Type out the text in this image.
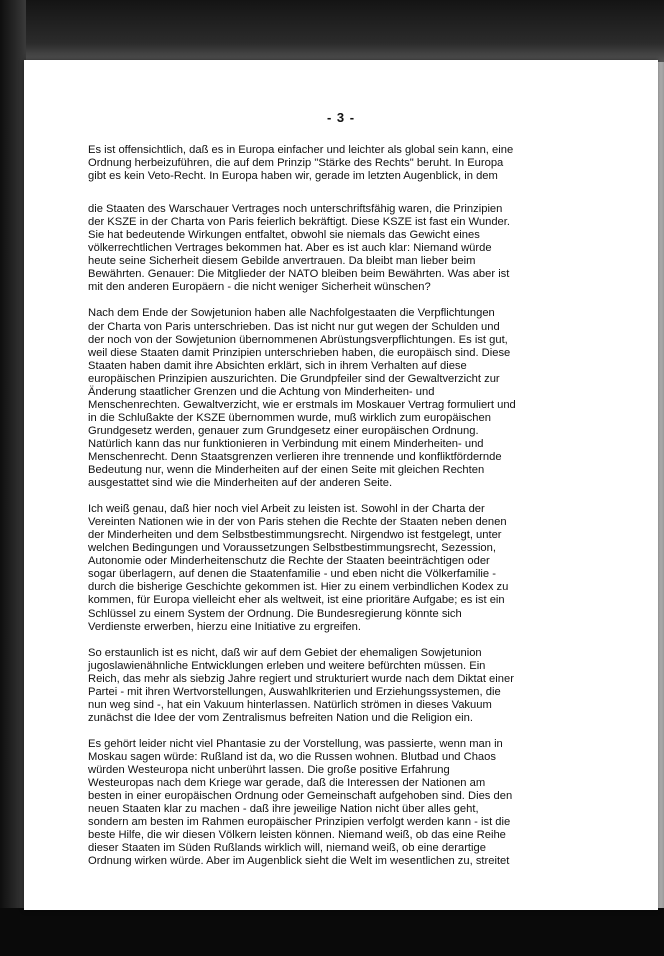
- 3 -

Es ist offensichtlich, daß es in Europa einfacher und leichter als global sein kann, eine
Ordnung herbeizuführen, die auf dem Prinzip "Stärke des Rechts" beruht. In Europa
gibt es kein Veto-Recht. In Europa haben wir, gerade im letzten Augenblick, in dem

die Staaten des Warschauer Vertrages noch unterschriftsfähig waren, die Prinzipien
der KSZE in der Charta von Paris feierlich bekräftigt. Diese KSZE ist fast ein Wunder.
Sie hat bedeutende Wirkungen entfaltet, obwohl sie niemals das Gewicht eines
völkerrechtlichen Vertrages bekommen hat. Aber es ist auch klar: Niemand würde
heute seine Sicherheit diesem Gebilde anvertrauen. Da bleibt man lieber beim
Bewährten. Genauer: Die Mitglieder der NATO bleiben beim Bewährten. Was aber ist
mit den anderen Europäern - die nicht weniger Sicherheit wünschen?

Nach dem Ende der Sowjetunion haben alle Nachfolgestaaten die Verpflichtungen
der Charta von Paris unterschrieben. Das ist nicht nur gut wegen der Schulden und
der noch von der Sowjetunion übernommenen Abrüstungsverpflichtungen. Es ist gut,
weil diese Staaten damit Prinzipien unterschrieben haben, die europäisch sind. Diese
Staaten haben damit ihre Absichten erklärt, sich in ihrem Verhalten auf diese
europäischen Prinzipien auszurichten. Die Grundpfeiler sind der Gewaltverzicht zur
Änderung staatlicher Grenzen und die Achtung von Minderheiten- und
Menschenrechten. Gewaltverzicht, wie er erstmals im Moskauer Vertrag formuliert und
in die Schlußakte der KSZE übernommen wurde, muß wirklich zum europäischen
Grundgesetz werden, genauer zum Grundgesetz einer europäischen Ordnung.
Natürlich kann das nur funktionieren in Verbindung mit einem Minderheiten- und
Menschenrecht. Denn Staatsgrenzen verlieren ihre trennende und konfliktfördernde
Bedeutung nur, wenn die Minderheiten auf der einen Seite mit gleichen Rechten
ausgestattet sind wie die Minderheiten auf der anderen Seite.

Ich weiß genau, daß hier noch viel Arbeit zu leisten ist. Sowohl in der Charta der
Vereinten Nationen wie in der von Paris stehen die Rechte der Staaten neben denen
der Minderheiten und dem Selbstbestimmungsrecht. Nirgendwo ist festgelegt, unter
welchen Bedingungen und Voraussetzungen Selbstbestimmungsrecht, Sezession,
Autonomie oder Minderheitenschutz die Rechte der Staaten beeinträchtigen oder
sogar überlagern, auf denen die Staatenfamilie - und eben nicht die Völkerfamilie -
durch die bisherige Geschichte gekommen ist. Hier zu einem verbindlichen Kodex zu
kommen, für Europa vielleicht eher als weltweit, ist eine prioritäre Aufgabe; es ist ein
Schlüssel zu einem System der Ordnung. Die Bundesregierung könnte sich
Verdienste erwerben, hierzu eine Initiative zu ergreifen.

So erstaunlich ist es nicht, daß wir auf dem Gebiet der ehemaligen Sowjetunion
jugoslawienähnliche Entwicklungen erleben und weitere befürchten müssen. Ein
Reich, das mehr als siebzig Jahre regiert und strukturiert wurde nach dem Diktat einer
Partei - mit ihren Wertvorstellungen, Auswahlkriterien und Erziehungssystemen, die
nun weg sind -, hat ein Vakuum hinterlassen. Natürlich strömen in dieses Vakuum
zunächst die Idee der vom Zentralismus befreiten Nation und die Religion ein.

Es gehört leider nicht viel Phantasie zu der Vorstellung, was passierte, wenn man in
Moskau sagen würde: Rußland ist da, wo die Russen wohnen. Blutbad und Chaos
würden Westeuropa nicht unberührt lassen. Die große positive Erfahrung
Westeuropas nach dem Kriege war gerade, daß die Interessen der Nationen am
besten in einer europäischen Ordnung oder Gemeinschaft aufgehoben sind. Dies den
neuen Staaten klar zu machen - daß ihre jeweilige Nation nicht über alles geht,
sondern am besten im Rahmen europäischer Prinzipien verfolgt werden kann - ist die
beste Hilfe, die wir diesen Völkern leisten können. Niemand weiß, ob das eine Reihe
dieser Staaten im Süden Rußlands wirklich will, niemand weiß, ob eine derartige
Ordnung wirken würde. Aber im Augenblick sieht die Welt im wesentlichen zu, streitet
